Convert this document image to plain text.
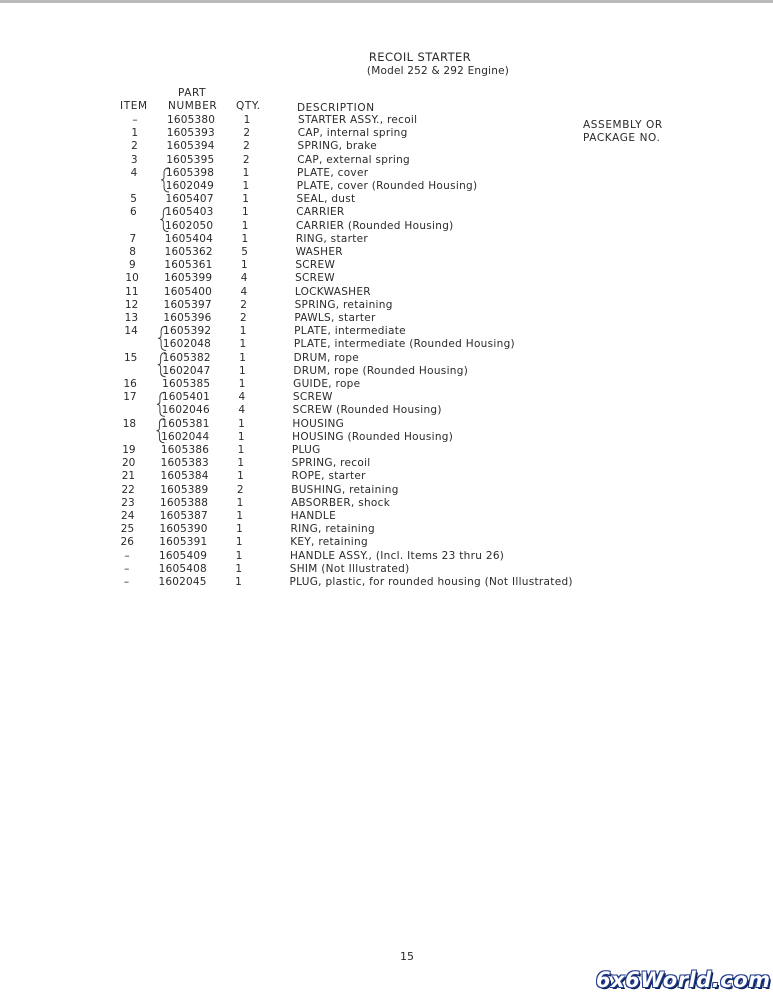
RECOIL STARTER
(Model 252 & 292 Engine)
PART
ITEM NUMBER QTY.	DESCRIPTION
ASSEMBLY OR
PACKAGE NO.
–	1605380	1	STARTER ASSY., recoil
1	1605393	2	CAP, internal spring
2	1605394	2	SPRING, brake
3	1605395	2	CAP, external spring
4	1605398	1	PLATE, cover
1602049	1	PLATE, cover (Rounded Housing)
5	1605407	1	SEAL, dust
6	1605403	1	CARRIER
1602050	1	CARRIER (Rounded Housing)
7	1605404	1	RING, starter
8	1605362	5	WASHER
9	1605361	1	SCREW
10	1605399	4	SCREW
11	1605400	4	LOCKWASHER
12	1605397	2	SPRING, retaining
13	1605396	2	PAWLS, starter
14	1605392	1	PLATE, intermediate
1602048	1	PLATE, intermediate (Rounded Housing)
15	1605382	1	DRUM, rope
1602047	1	DRUM, rope (Rounded Housing)
16	1605385	1	GUIDE, rope
17	1605401	4	SCREW
1602046	4	SCREW (Rounded Housing)
18	1605381	1	HOUSING
1602044	1	HOUSING (Rounded Housing)
19	1605386	1	PLUG
20	1605383	1	SPRING, recoil
21	1605384	1	ROPE, starter
22	1605389	2	BUSHING, retaining
23	1605388	1	ABSORBER, shock
24	1605387	1	HANDLE
25	1605390	1	RING, retaining
26	1605391	1	KEY, retaining
–	1605409	1	HANDLE ASSY., (Incl. Items 23 thru 26)
–	1605408	1	SHIM (Not Illustrated)
–	1602045	1	PLUG, plastic, for rounded housing (Not Illustrated)
15
6x6World.com
